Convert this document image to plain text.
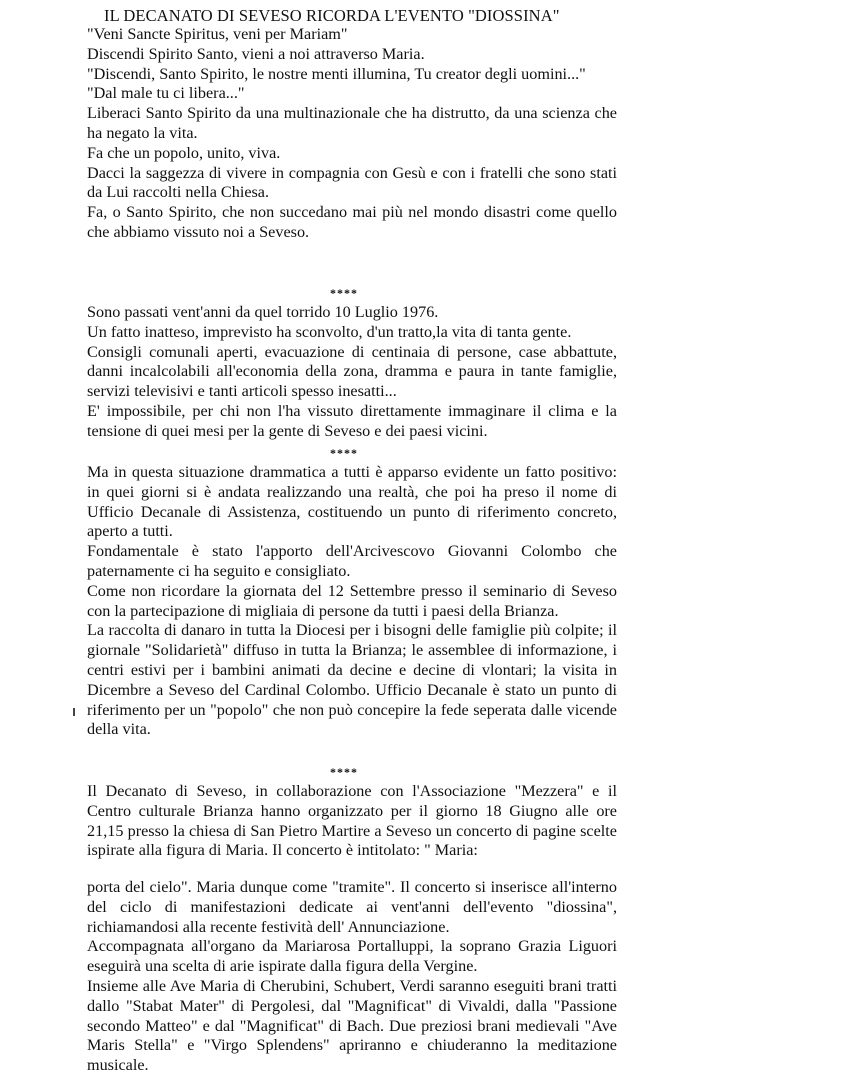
IL DECANATO DI SEVESO RICORDA L'EVENTO "DIOSSINA"

"Veni Sancte Spiritus, veni per Mariam"

Discendi Spirito Santo, vieni a noi attraverso Maria.

"Discendi, Santo Spirito, le nostre menti illumina, Tu creator degli uomini..."

"Dal male tu ci libera..."

Liberaci Santo Spirito da una multinazionale che ha distrutto, da una scienza che ha negato la vita.

Fa che un popolo, unito, viva.

Dacci la saggezza di vivere in compagnia con Gesù e con i fratelli che sono stati da Lui raccolti nella Chiesa.

Fa, o Santo Spirito, che non succedano mai più nel mondo disastri come quello che abbiamo vissuto noi a Seveso.

****

Sono passati vent'anni da quel torrido 10 Luglio 1976.

Un fatto inatteso, imprevisto ha sconvolto, d'un tratto,la vita di tanta gente.

Consigli comunali aperti, evacuazione di centinaia di persone, case abbattute, danni incalcolabili all'economia della zona, dramma e paura in tante famiglie, servizi televisivi e tanti articoli spesso inesatti...

E' impossibile, per chi non l'ha vissuto direttamente immaginare il clima e la tensione di quei mesi per la gente di Seveso e dei paesi vicini.

****

Ma in questa situazione drammatica a tutti è apparso evidente un fatto positivo: in quei giorni si è andata realizzando una realtà, che poi ha preso il nome di Ufficio Decanale di Assistenza, costituendo un punto di riferimento concreto, aperto a tutti.

Fondamentale è stato l'apporto dell'Arcivescovo Giovanni Colombo che paternamente ci ha seguito e consigliato.

Come non ricordare la giornata del 12 Settembre presso il seminario di Seveso con la partecipazione di migliaia di persone da tutti i paesi della Brianza.

La raccolta di danaro in tutta la Diocesi per i bisogni delle famiglie più colpite; il giornale "Solidarietà" diffuso in tutta la Brianza; le assemblee di informazione, i centri estivi per i bambini animati da decine e decine di vlontari; la visita in Dicembre a Seveso del Cardinal Colombo. Ufficio Decanale è stato un punto di riferimento per un "popolo" che non può concepire la fede seperata dalle vicende della vita.

****

Il Decanato di Seveso, in collaborazione con l'Associazione "Mezzera" e il Centro culturale Brianza hanno organizzato per il giorno 18 Giugno alle ore 21,15 presso la chiesa di San Pietro Martire a Seveso un concerto di pagine scelte ispirate alla figura di Maria. Il concerto è intitolato: " Maria:

porta del cielo". Maria dunque come "tramite". Il concerto si inserisce all'interno del ciclo di manifestazioni dedicate ai vent'anni dell'evento "diossina", richiamandosi alla recente festività dell' Annunciazione.

Accompagnata all'organo da Mariarosa Portalluppi, la soprano Grazia Liguori eseguirà una scelta di arie ispirate dalla figura della Vergine.

Insieme alle Ave Maria di Cherubini, Schubert, Verdi saranno eseguiti brani tratti dallo "Stabat Mater" di Pergolesi, dal "Magnificat" di Vivaldi, dalla "Passione secondo Matteo" e dal "Magnificat" di Bach. Due preziosi brani medievali "Ave Maris Stella" e "Virgo Splendens" apriranno e chiuderanno la meditazione musicale.
